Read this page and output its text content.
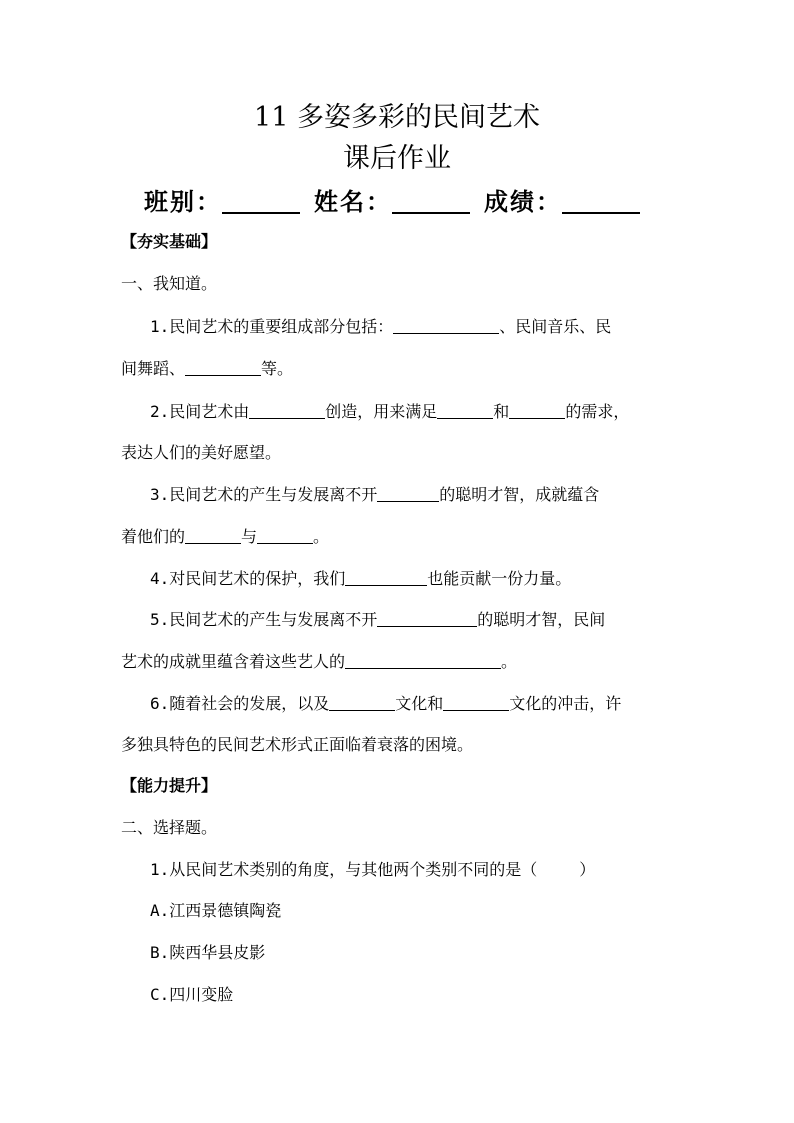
11 多姿多彩的民间艺术
课后作业
班别：	姓名：	成绩：
【夯实基础】
一、我知道。
1.民间艺术的重要组成部分包括：	、民间音乐、民
间舞蹈、	等。
2.民间艺术由	创造，用来满足	和	的需求，
表达人们的美好愿望。
3.民间艺术的产生与发展离不开	的聪明才智，成就蕴含
着他们的	与	。
4.对民间艺术的保护，我们	也能贡献一份力量。
5.民间艺术的产生与发展离不开	的聪明才智，民间
艺术的成就里蕴含着这些艺人的	。
6.随着社会的发展，以及	文化和	文化的冲击，许
多独具特色的民间艺术形式正面临着衰落的困境。
【能力提升】
二、选择题。
1.从民间艺术类别的角度，与其他两个类别不同的是（	）
A.江西景德镇陶瓷
B.陕西华县皮影
C.四川变脸
